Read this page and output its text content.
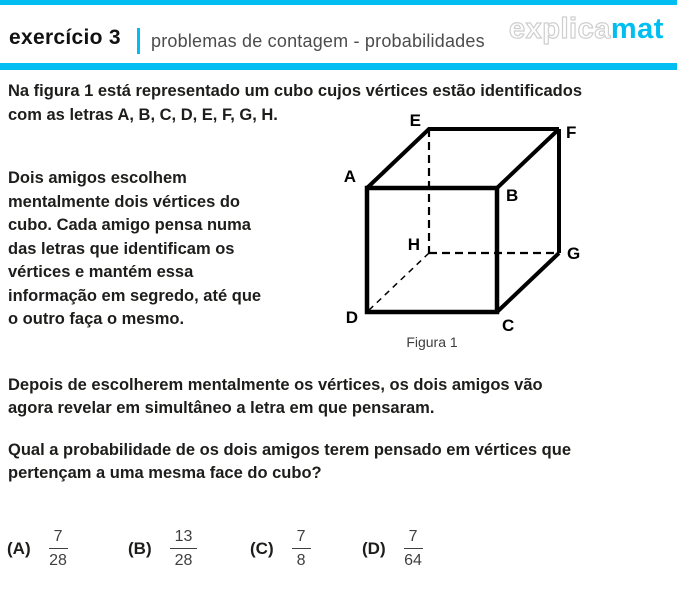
exercício 3 problemas de contagem - probabilidades explicamat
Na figura 1 está representado um cubo cujos vértices estão identificados
com as letras A, B, C, D, E, F, G, H.
Dois amigos escolhem
mentalmente dois vértices do
cubo. Cada amigo pensa numa
das letras que identificam os
vértices e mantém essa
informação em segredo, até que
o outro faça o mesmo.
A
B
C
D
E
F
G
H
Figura 1
Depois de escolherem mentalmente os vértices, os dois amigos vão
agora revelar em simultâneo a letra em que pensaram.
Qual a probabilidade de os dois amigos terem pensado em vértices que
pertençam a uma mesma face do cubo?
$(A) \frac{7}{28}$	$(B) \frac{13}{28}$	$(C) \frac{7}{8}$	$(D) \frac{7}{64}$
